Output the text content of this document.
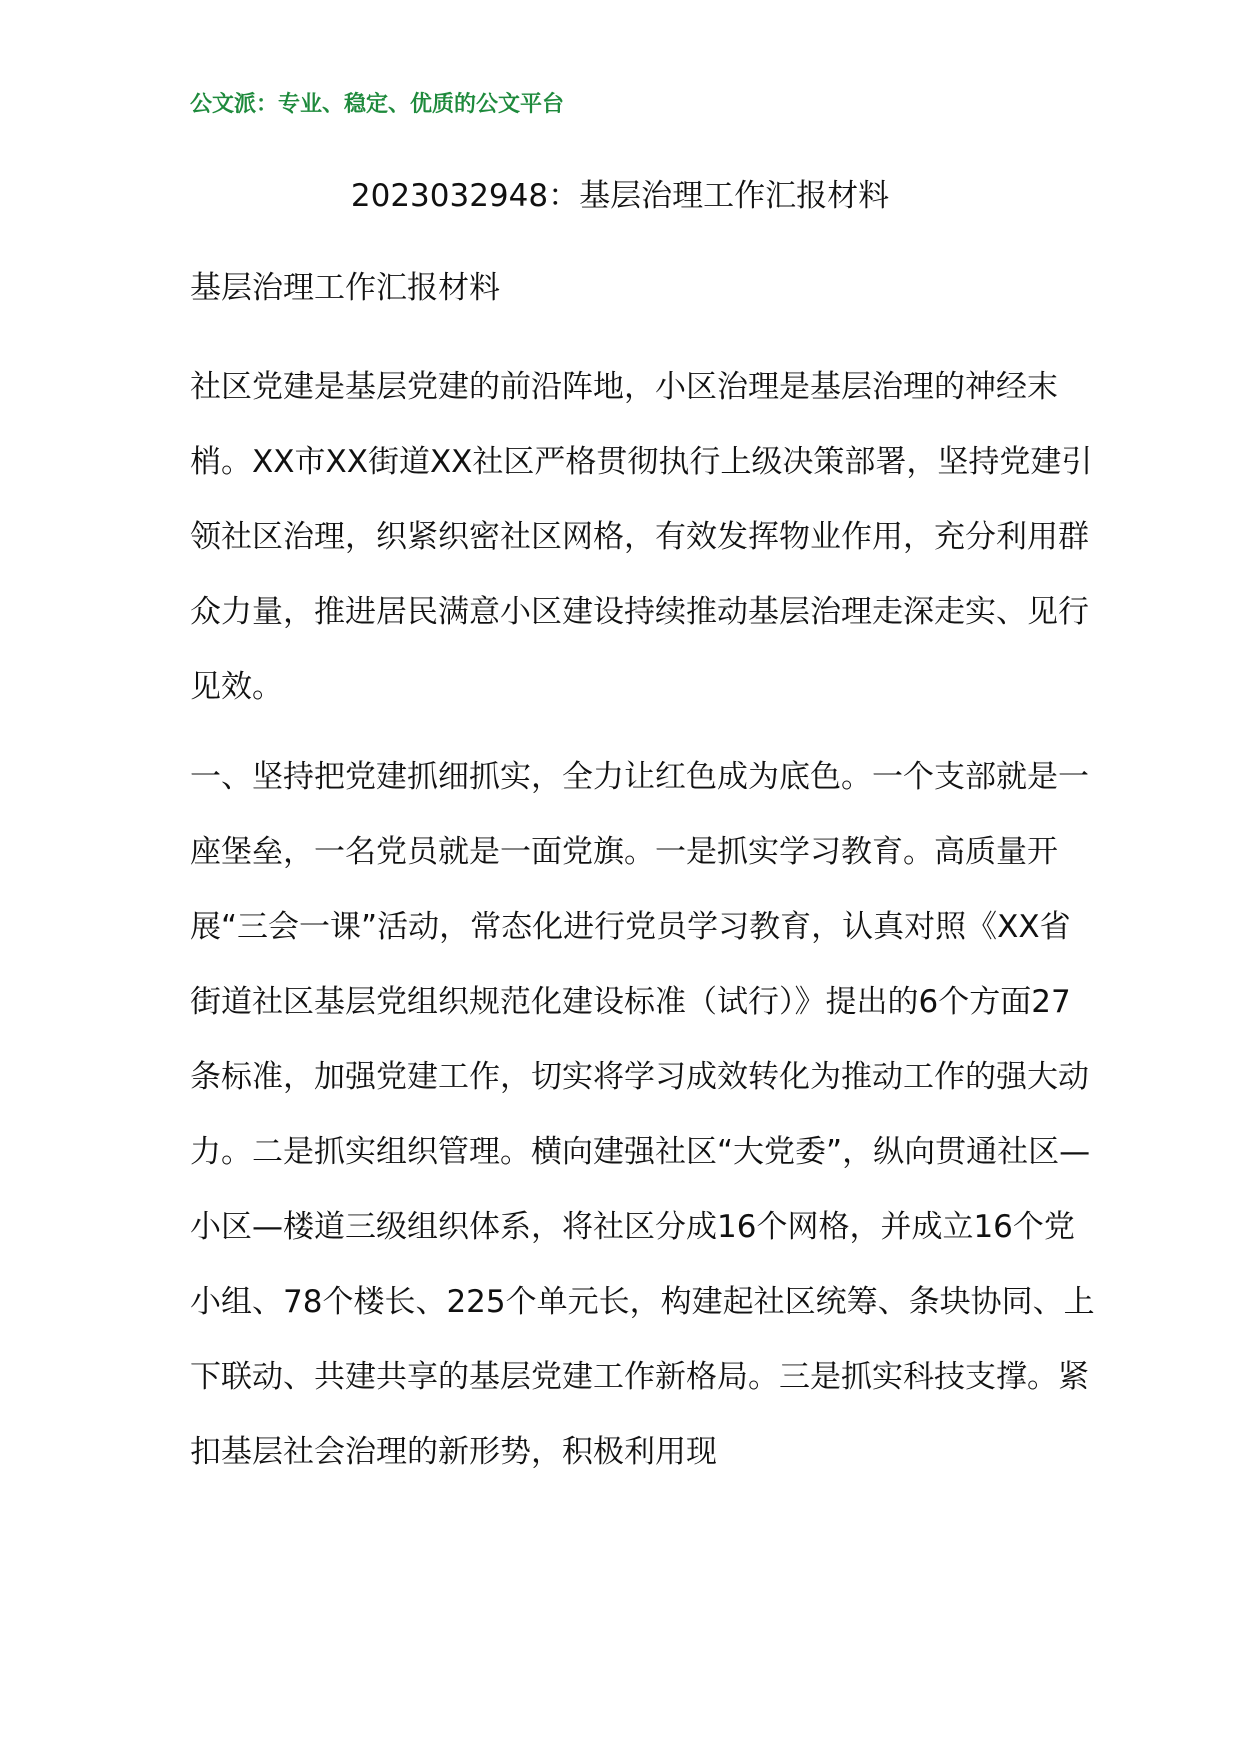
公文派：专业、稳定、优质的公文平台
2023032948：基层治理工作汇报材料
基层治理工作汇报材料

社区党建是基层党建的前沿阵地，小区治理是基层治理的神经末梢。XX市XX街道XX社区严格贯彻执行上级决策部署，坚持党建引领社区治理，织紧织密社区网格，有效发挥物业作用，充分利用群众力量，推进居民满意小区建设持续推动基层治理走深走实、见行见效。

一、坚持把党建抓细抓实，全力让红色成为底色。一个支部就是一座堡垒，一名党员就是一面党旗。一是抓实学习教育。高质量开展“三会一课”活动，常态化进行党员学习教育，认真对照《XX省街道社区基层党组织规范化建设标准（试行）》提出的6个方面27条标准，加强党建工作，切实将学习成效转化为推动工作的强大动力。二是抓实组织管理。横向建强社区“大党委”，纵向贯通社区—小区—楼道三级组织体系，将社区分成16个网格，并成立16个党小组、78个楼长、225个单元长，构建起社区统筹、条块协同、上下联动、共建共享的基层党建工作新格局。三是抓实科技支撑。紧扣基层社会治理的新形势，积极利用现
